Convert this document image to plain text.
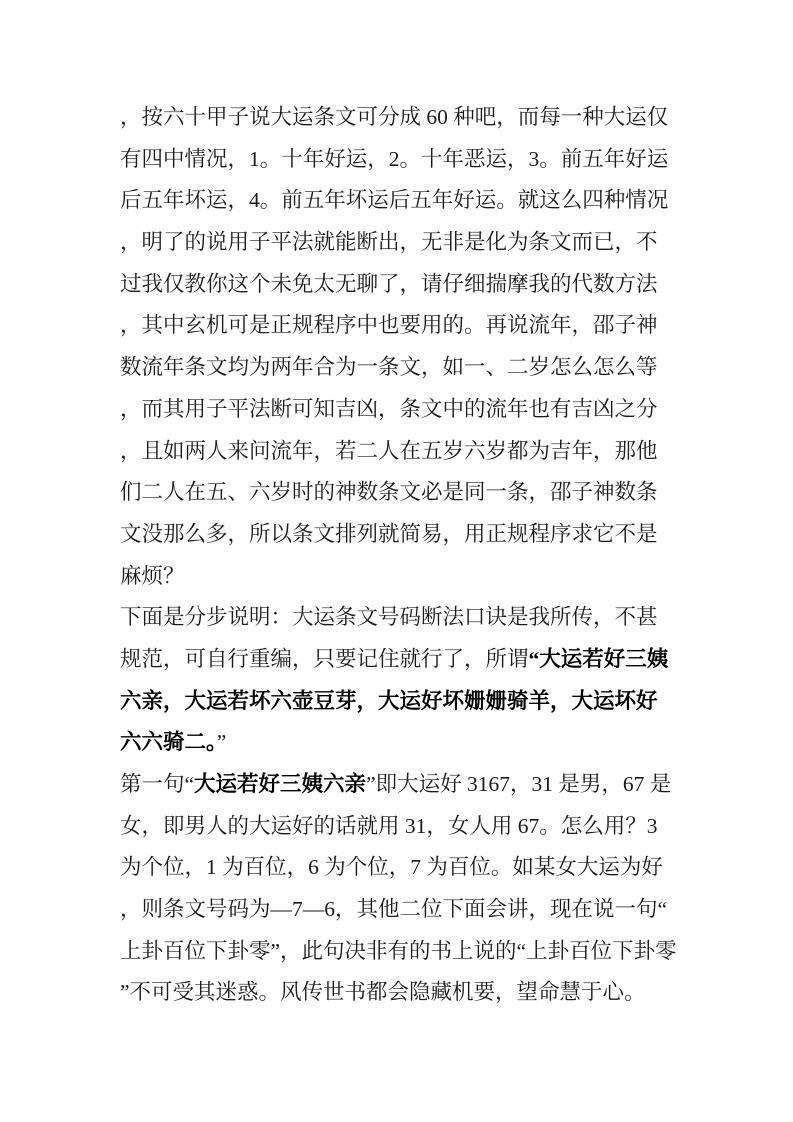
，按六十甲子说大运条文可分成 60 种吧，而每一种大运仅
有四中情况，1。十年好运，2。十年恶运，3。前五年好运
后五年坏运，4。前五年坏运后五年好运。就这么四种情况
，明了的说用子平法就能断出，无非是化为条文而已，不
过我仅教你这个未免太无聊了，请仔细揣摩我的代数方法
，其中玄机可是正规程序中也要用的。再说流年，邵子神
数流年条文均为两年合为一条文，如一、二岁怎么怎么等
，而其用子平法断可知吉凶，条文中的流年也有吉凶之分
，且如两人来问流年，若二人在五岁六岁都为吉年，那他
们二人在五、六岁时的神数条文必是同一条，邵子神数条
文没那么多，所以条文排列就简易，用正规程序求它不是
麻烦？
下面是分步说明：大运条文号码断法口诀是我所传，不甚
规范，可自行重编，只要记住就行了，所谓“大运若好三姨
六亲，大运若坏六壶豆芽，大运好坏姗姗骑羊，大运坏好
六六骑二。”
第一句“大运若好三姨六亲”即大运好 3167，31 是男，67 是
女，即男人的大运好的话就用 31，女人用 67。怎么用？3
为个位，1 为百位，6 为个位，7 为百位。如某女大运为好
，则条文号码为—7—6，其他二位下面会讲，现在说一句“
上卦百位下卦零”，此句决非有的书上说的“上卦百位下卦零
”不可受其迷惑。风传世书都会隐藏机要，望命慧于心。
